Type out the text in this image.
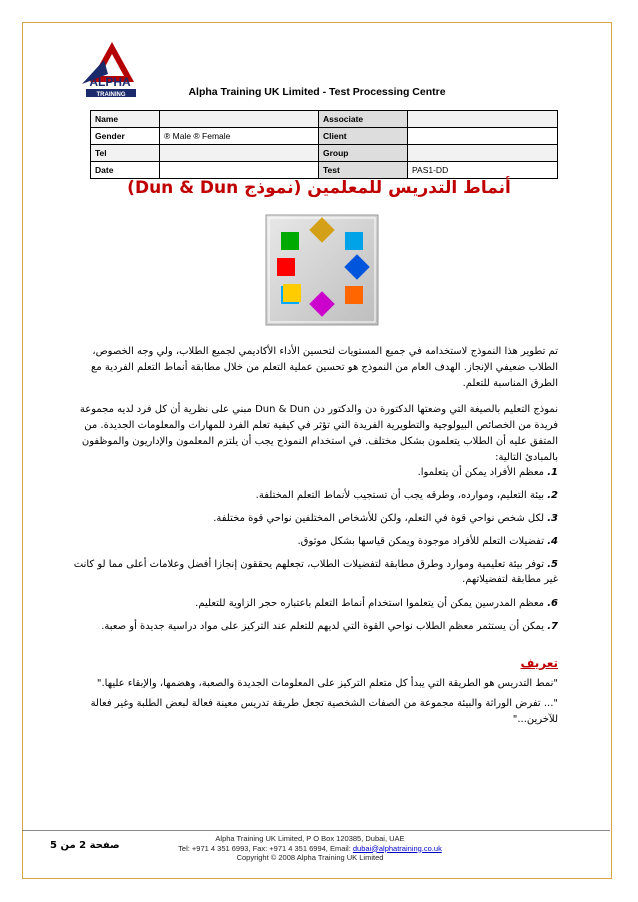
ALPHA
TRAINING	Alpha Training UK Limited - Test Processing Centre
Name		Associate	
Gender	® Male ® Female	Client	
Tel		Group	
Date		Test	PAS1-DD
أنماط التدريس للمعلمين (نموذج Dun & Dun)
تم تطوير هذا النموذج لاستخدامه في جميع المستويات لتحسين الأداء الأكاديمي لجميع الطلاب، ولي وجه الخصوص، الطلاب ضعيفي الإنجاز. الهدف العام من النموذج هو تحسين عملية التعلم من خلال مطابقة أنماط التعلم الفردية مع الطرق المناسبة للتعلم.
نموذج التعليم بالصيغة التي وضعتها الدكتورة دن والدكتور دن Dun & Dun مبني على نظرية أن كل فرد لديه مجموعة فريدة من الخصائص البيولوجية والتطويرية الفريدة التي تؤثر في كيفية تعلم الفرد للمهارات والمعلومات الجديدة. من المتفق عليه أن الطلاب يتعلمون بشكل مختلف. في استخدام النموذج يجب أن يلتزم المعلمون والإداريون والموظفون بالمبادئ التالية:
1. معظم الأفراد يمكن أن يتعلموا.
2. بيئة التعليم، وموارده، وطرقه يجب أن تستجيب لأنماط التعلم المختلفة.
3. لكل شخص نواحي قوة في التعلم، ولكن للأشخاص المختلفين نواحي قوة مختلفة.
4. تفضيلات التعلم للأفراد موجودة ويمكن قياسها بشكل موثوق.
5. توفر بيئة تعليمية وموارد وطرق مطابقة لتفضيلات الطلاب، تجعلهم يحققون إنجازا أفضل وعلامات أعلى مما لو كانت غير مطابقة لتفضيلاتهم.
6. معظم المدرسين يمكن أن يتعلموا استخدام أنماط التعلم باعتباره حجر الزاوية للتعليم.
7. يمكن أن يستثمر معظم الطلاب نواحي القوة التي لديهم للتعلم عند التركيز على مواد دراسية جديدة أو صعبة.
تعريف
"نمط التدريس هو الطريقة التي يبدأ كل متعلم التركيز على المعلومات الجديدة والصعبة، وهضمها، والإبقاء عليها."
"... تفرض الوراثة والبيئة مجموعة من الصفات الشخصية تجعل طريقة تدريس معينة فعالة لبعض الطلبة وغير فعالة للآخرين..."
صفحة 2 من 5
Alpha Training UK Limited, P O Box 120385, Dubai, UAE
Tel: +971 4 351 6993, Fax: +971 4 351 6994, Email: dubai@alphatraining.co.uk
Copyright © 2008 Alpha Training UK Limited
